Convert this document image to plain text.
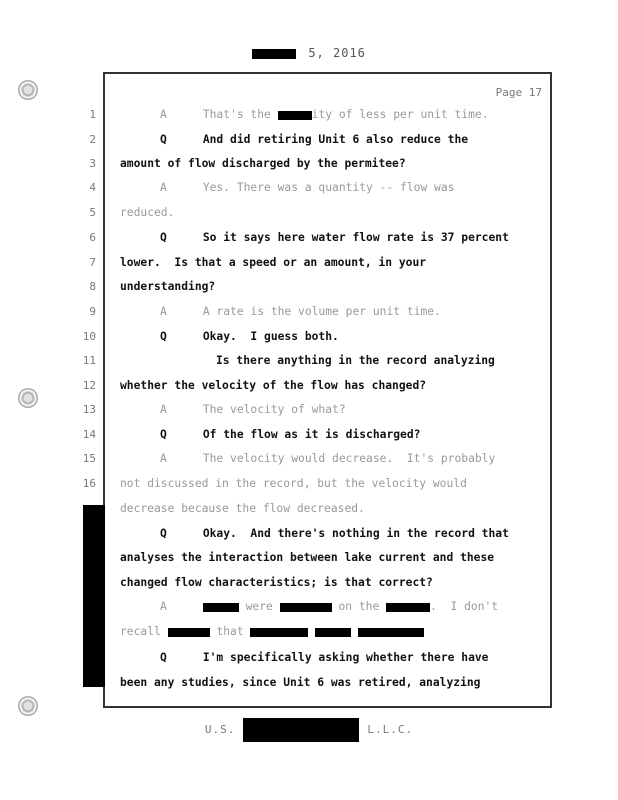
5, 2016
Page 17
1
2
3
4
5
6
7
8
9
10
11
12
13
14
15
16
A	That's the	ity of less per unit time.
Q	And did retiring Unit 6 also reduce the
amount of flow discharged by the permitee?
A	Yes. There was a quantity -- flow was
reduced.
Q	So it says here water flow rate is 37 percent
lower.  Is that a speed or an amount, in your
understanding?
A	A rate is the volume per unit time.
Q	Okay.  I guess both.
Is there anything in the record analyzing
whether the velocity of the flow has changed?
A	The velocity of what?
Q	Of the flow as it is discharged?
A	The velocity would decrease.  It's probably
not discussed in the record, but the velocity would
decrease because the flow decreased.
Q	Okay.  And there's nothing in the record that
analyses the interaction between lake current and these
changed flow characteristics; is that correct?
A	were	on the	.  I don't
recall	that
Q	I'm specifically asking whether there have
been any studies, since Unit 6 was retired, analyzing
U.S.	L.L.C.
